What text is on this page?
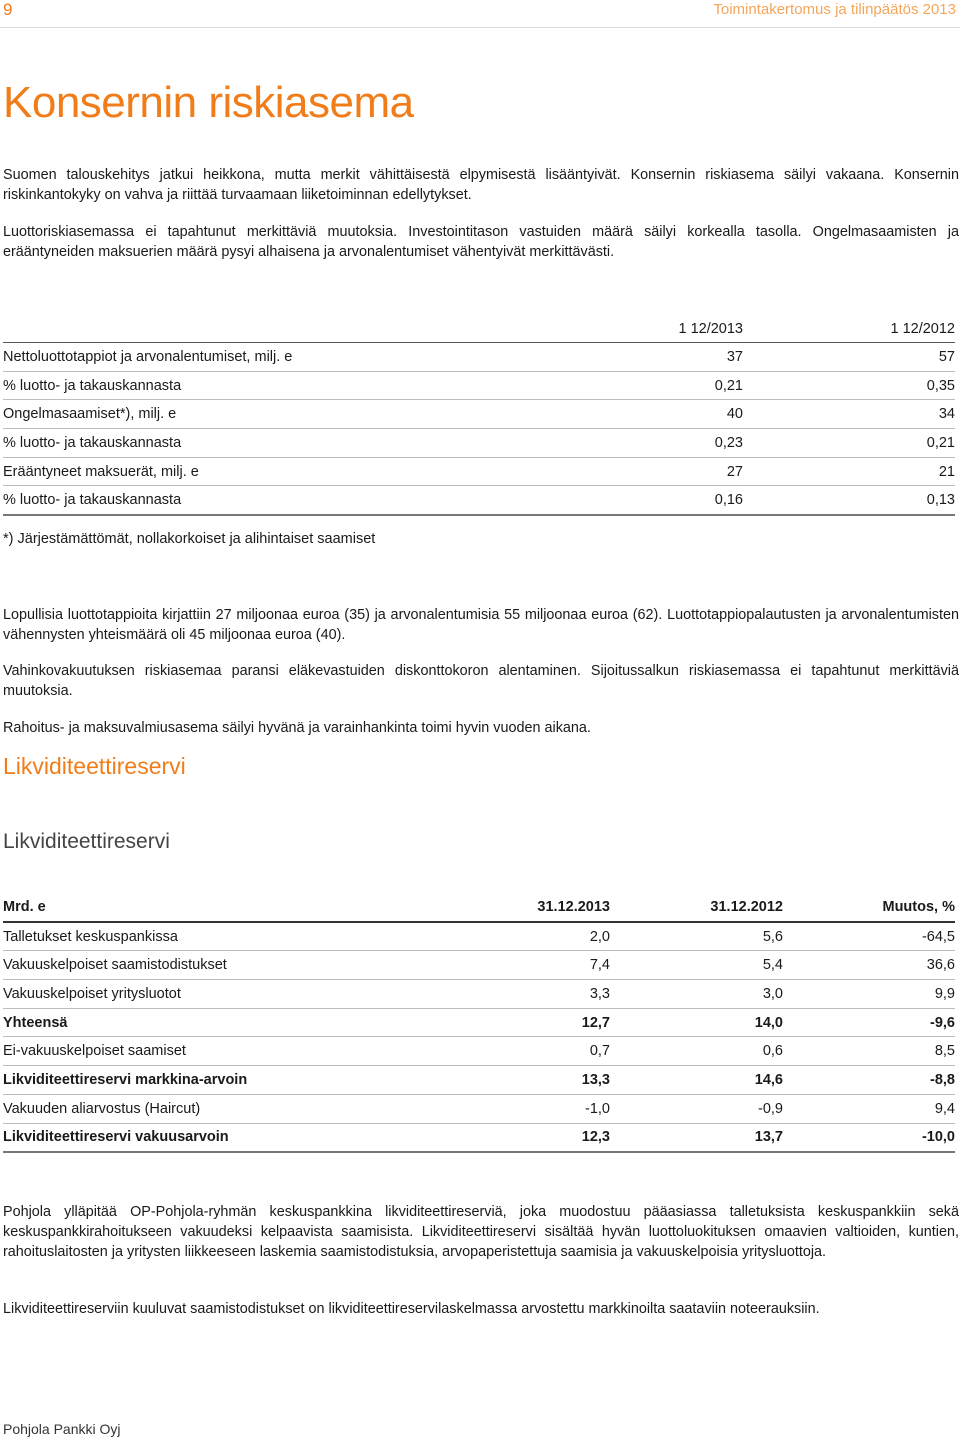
9	Toimintakertomus ja tilinpäätös 2013
Konsernin riskiasema
Suomen talouskehitys jatkui heikkona, mutta merkit vähittäisestä elpymisestä lisääntyivät. Konsernin riskiasema säilyi vakaana. Konsernin riskinkantokyky on vahva ja riittää turvaamaan liiketoiminnan edellytykset.
Luottoriskiasemassa ei tapahtunut merkittäviä muutoksia. Investointitason vastuiden määrä säilyi korkealla tasolla. Ongelmasaamisten ja erääntyneiden maksuerien määrä pysyi alhaisena ja arvonalentumiset vähentyivät merkittävästi.
	1 12/2013	1 12/2012
Nettoluottotappiot ja arvonalentumiset, milj. e	37	57
% luotto- ja takauskannasta	0,21	0,35
Ongelmasaamiset*), milj. e	40	34
% luotto- ja takauskannasta	0,23	0,21
Erääntyneet maksuerät, milj. e	27	21
% luotto- ja takauskannasta	0,16	0,13
*) Järjestämättömät, nollakorkoiset ja alihintaiset saamiset
Lopullisia luottotappioita kirjattiin 27 miljoonaa euroa (35) ja arvonalentumisia 55 miljoonaa euroa (62). Luottotappiopalautusten ja arvonalentumisten vähennysten yhteismäärä oli 45 miljoonaa euroa (40).
Vahinkovakuutuksen riskiasemaa paransi eläkevastuiden diskonttokoron alentaminen. Sijoitussalkun riskiasemassa ei tapahtunut merkittäviä muutoksia.
Rahoitus- ja maksuvalmiusasema säilyi hyvänä ja varainhankinta toimi hyvin vuoden aikana.
Likviditeettireservi
Likviditeettireservi
Mrd. e	31.12.2013	31.12.2012	Muutos, %
Talletukset keskuspankissa	2,0	5,6	-64,5
Vakuuskelpoiset saamistodistukset	7,4	5,4	36,6
Vakuuskelpoiset yritysluotot	3,3	3,0	9,9
Yhteensä	12,7	14,0	-9,6
Ei-vakuuskelpoiset saamiset	0,7	0,6	8,5
Likviditeettireservi markkina-arvoin	13,3	14,6	-8,8
Vakuuden aliarvostus (Haircut)	-1,0	-0,9	9,4
Likviditeettireservi vakuusarvoin	12,3	13,7	-10,0
Pohjola ylläpitää OP-Pohjola-ryhmän keskuspankkina likviditeettireserviä, joka muodostuu pääasiassa talletuksista keskuspankkiin sekä keskuspankkirahoitukseen vakuudeksi kelpaavista saamisista. Likviditeettireservi sisältää hyvän luottoluokituksen omaavien valtioiden, kuntien, rahoituslaitosten ja yritysten liikkeeseen laskemia saamistodistuksia, arvopaperistettuja saamisia ja vakuuskelpoisia yritysluottoja.
Likviditeettireserviin kuuluvat saamistodistukset on likviditeettireservilaskelmassa arvostettu markkinoilta saataviin noteerauksiin.
Pohjola Pankki Oyj
